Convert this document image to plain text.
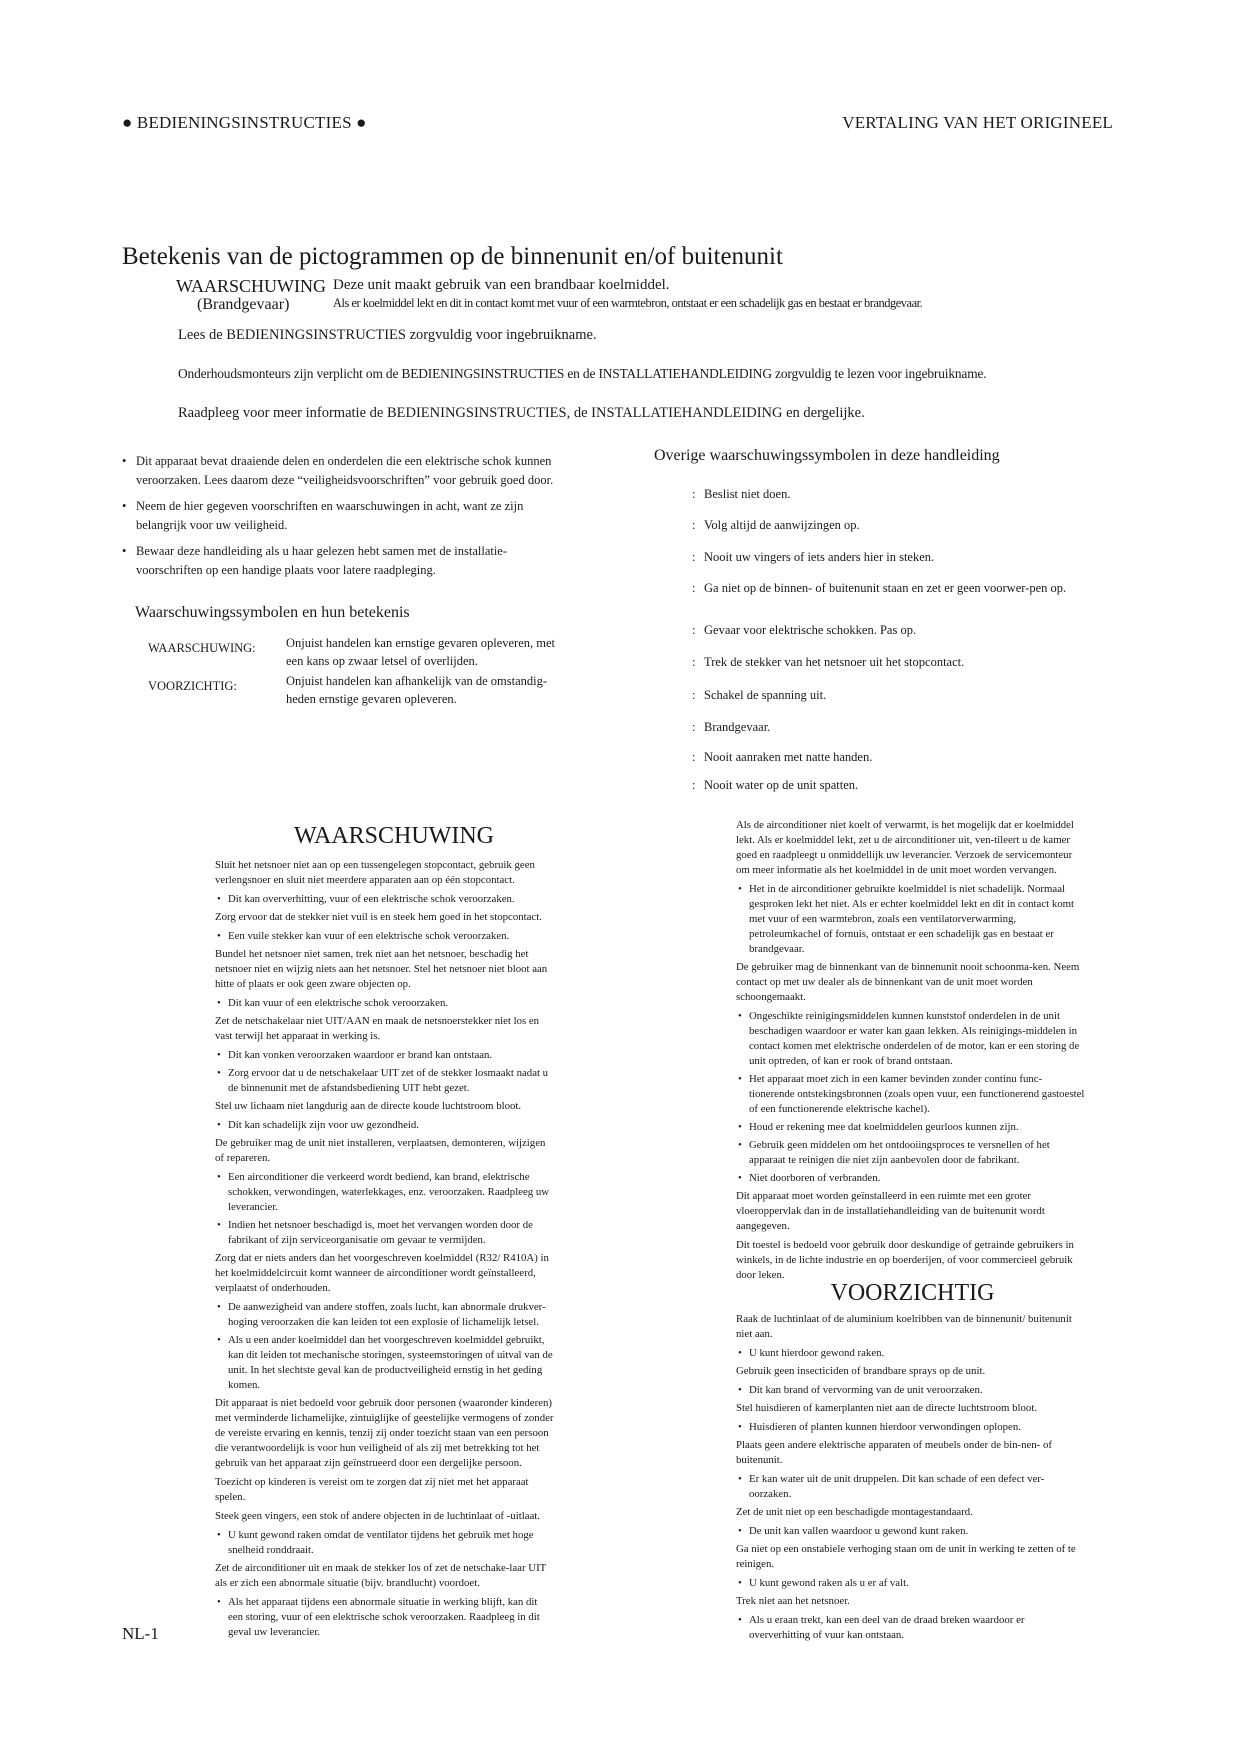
● BEDIENINGSINSTRUCTIES ●	VERTALING VAN HET ORIGINEEL
Betekenis van de pictogrammen op de binnenunit en/of buitenunit
WAARSCHUWING
(Brandgevaar)
Deze unit maakt gebruik van een brandbaar koelmiddel.
Als er koelmiddel lekt en dit in contact komt met vuur of een warmtebron, ontstaat er een schadelijk gas en bestaat er brandgevaar.
Lees de BEDIENINGSINSTRUCTIES zorgvuldig voor ingebruikname.
Onderhoudsmonteurs zijn verplicht om de BEDIENINGSINSTRUCTIES en de INSTALLATIEHANDLEIDING zorgvuldig te lezen voor ingebruikname.
Raadpleeg voor meer informatie de BEDIENINGSINSTRUCTIES, de INSTALLATIEHANDLEIDING en dergelijke.
• Dit apparaat bevat draaiende delen en onderdelen die een elektrische schok kunnen veroorzaken. Lees daarom deze “veiligheidsvoorschriften” voor gebruik goed door.
• Neem de hier gegeven voorschriften en waarschuwingen in acht, want ze zijn belangrijk voor uw veiligheid.
• Bewaar deze handleiding als u haar gelezen hebt samen met de installatie-voorschriften op een handige plaats voor latere raadpleging.
Waarschuwingssymbolen en hun betekenis
WAARSCHUWING: Onjuist handelen kan ernstige gevaren opleveren, met een kans op zwaar letsel of overlijden.
VOORZICHTIG:	Onjuist handelen kan afhankelijk van de omstandig-heden ernstige gevaren opleveren.
Overige waarschuwingssymbolen in deze handleiding
: Beslist niet doen.
: Volg altijd de aanwijzingen op.
: Nooit uw vingers of iets anders hier in steken.
: Ga niet op de binnen- of buitenunit staan en zet er geen voorwer-pen op.
: Gevaar voor elektrische schokken. Pas op.
: Trek de stekker van het netsnoer uit het stopcontact.
: Schakel de spanning uit.
: Brandgevaar.
: Nooit aanraken met natte handen.
: Nooit water op de unit spatten.
WAARSCHUWING

Sluit het netsnoer niet aan op een tussengelegen stopcontact, gebruik geen verlengsnoer en sluit niet meerdere apparaten aan op één stopcontact.

• Dit kan oververhitting, vuur of een elektrische schok veroorzaken.

Zorg ervoor dat de stekker niet vuil is en steek hem goed in het stopcontact.

• Een vuile stekker kan vuur of een elektrische schok veroorzaken.

Bundel het netsnoer niet samen, trek niet aan het netsnoer, beschadig het netsnoer niet en wijzig niets aan het netsnoer. Stel het netsnoer niet bloot aan hitte of plaats er ook geen zware objecten op.

• Dit kan vuur of een elektrische schok veroorzaken.

Zet de netschakelaar niet UIT/AAN en maak de netsnoerstekker niet los en vast terwijl het apparaat in werking is.

• Dit kan vonken veroorzaken waardoor er brand kan ontstaan.
• Zorg ervoor dat u de netschakelaar UIT zet of de stekker losmaakt nadat u de binnenunit met de afstandsbediening UIT hebt gezet.

Stel uw lichaam niet langdurig aan de directe koude luchtstroom bloot.

• Dit kan schadelijk zijn voor uw gezondheid.

De gebruiker mag de unit niet installeren, verplaatsen, demonteren, wijzigen of repareren.

• Een airconditioner die verkeerd wordt bediend, kan brand, elektrische schokken, verwondingen, waterlekkages, enz. veroorzaken. Raadpleeg uw leverancier.
• Indien het netsnoer beschadigd is, moet het vervangen worden door de fabrikant of zijn serviceorganisatie om gevaar te vermijden.

Zorg dat er niets anders dan het voorgeschreven koelmiddel (R32/ R410A) in het koelmiddelcircuit komt wanneer de airconditioner wordt geïnstalleerd, verplaatst of onderhouden.

• De aanwezigheid van andere stoffen, zoals lucht, kan abnormale drukver-hoging veroorzaken die kan leiden tot een explosie of lichamelijk letsel.
• Als u een ander koelmiddel dan het voorgeschreven koelmiddel gebruikt, kan dit leiden tot mechanische storingen, systeemstoringen of uitval van de unit. In het slechtste geval kan de productveiligheid ernstig in het geding komen.

Dit apparaat is niet bedoeld voor gebruik door personen (waaronder kinderen) met verminderde lichamelijke, zintuiglijke of geestelijke vermogens of zonder de vereiste ervaring en kennis, tenzij zij onder toezicht staan van een persoon die verantwoordelijk is voor hun veiligheid of als zij met betrekking tot het gebruik van het apparaat zijn geïnstrueerd door een dergelijke persoon.

Toezicht op kinderen is vereist om te zorgen dat zij niet met het apparaat spelen.

Steek geen vingers, een stok of andere objecten in de luchtinlaat of -uitlaat.

• U kunt gewond raken omdat de ventilator tijdens het gebruik met hoge snelheid ronddraait.

Zet de airconditioner uit en maak de stekker los of zet de netschake-laar UIT als er zich een abnormale situatie (bijv. brandlucht) voordoet.

• Als het apparaat tijdens een abnormale situatie in werking blijft, kan dit een storing, vuur of een elektrische schok veroorzaken. Raadpleeg in dit geval uw leverancier.

Als de airconditioner niet koelt of verwarmt, is het mogelijk dat er koelmiddel lekt. Als er koelmiddel lekt, zet u de airconditioner uit, ven-tileert u de kamer goed en raadpleegt u onmiddellijk uw leverancier. Verzoek de servicemonteur om meer informatie als het koelmiddel in de unit moet worden vervangen.

• Het in de airconditioner gebruikte koelmiddel is niet schadelijk. Normaal gesproken lekt het niet. Als er echter koelmiddel lekt en dit in contact komt met vuur of een warmtebron, zoals een ventilatorverwarming, petroleumkachel of fornuis, ontstaat er een schadelijk gas en bestaat er brandgevaar.

De gebruiker mag de binnenkant van de binnenunit nooit schoonma-ken. Neem contact op met uw dealer als de binnenkant van de unit moet worden schoongemaakt.

• Ongeschikte reinigingsmiddelen kunnen kunststof onderdelen in de unit beschadigen waardoor er water kan gaan lekken. Als reinigings-middelen in contact komen met elektrische onderdelen of de motor, kan er een storing de unit optreden, of kan er rook of brand ontstaan.
• Het apparaat moet zich in een kamer bevinden zonder continu func-tionerende ontstekingsbronnen (zoals open vuur, een functionerend gastoestel of een functionerende elektrische kachel).
• Houd er rekening mee dat koelmiddelen geurloos kunnen zijn.
• Gebruik geen middelen om het ontdooiingsproces te versnellen of het apparaat te reinigen die niet zijn aanbevolen door de fabrikant.
• Niet doorboren of verbranden.

Dit apparaat moet worden geïnstalleerd in een ruimte met een groter vloeroppervlak dan in de installatiehandleiding van de buitenunit wordt aangegeven.

Dit toestel is bedoeld voor gebruik door deskundige of getrainde gebruikers in winkels, in de lichte industrie en op boerderijen, of voor commercieel gebruik door leken.

VOORZICHTIG

Raak de luchtinlaat of de aluminium koelribben van de binnenunit/ buitenunit niet aan.

• U kunt hierdoor gewond raken.

Gebruik geen insecticiden of brandbare sprays op de unit.

• Dit kan brand of vervorming van de unit veroorzaken.

Stel huisdieren of kamerplanten niet aan de directe luchtstroom bloot.

• Huisdieren of planten kunnen hierdoor verwondingen oplopen.

Plaats geen andere elektrische apparaten of meubels onder de bin-nen- of buitenunit.

• Er kan water uit de unit druppelen. Dit kan schade of een defect ver-oorzaken.

Zet de unit niet op een beschadigde montagestandaard.

• De unit kan vallen waardoor u gewond kunt raken.

Ga niet op een onstabiele verhoging staan om de unit in werking te zetten of te reinigen.

• U kunt gewond raken als u er af valt.

Trek niet aan het netsnoer.

• Als u eraan trekt, kan een deel van de draad breken waardoor er oververhitting of vuur kan ontstaan.
NL-1
